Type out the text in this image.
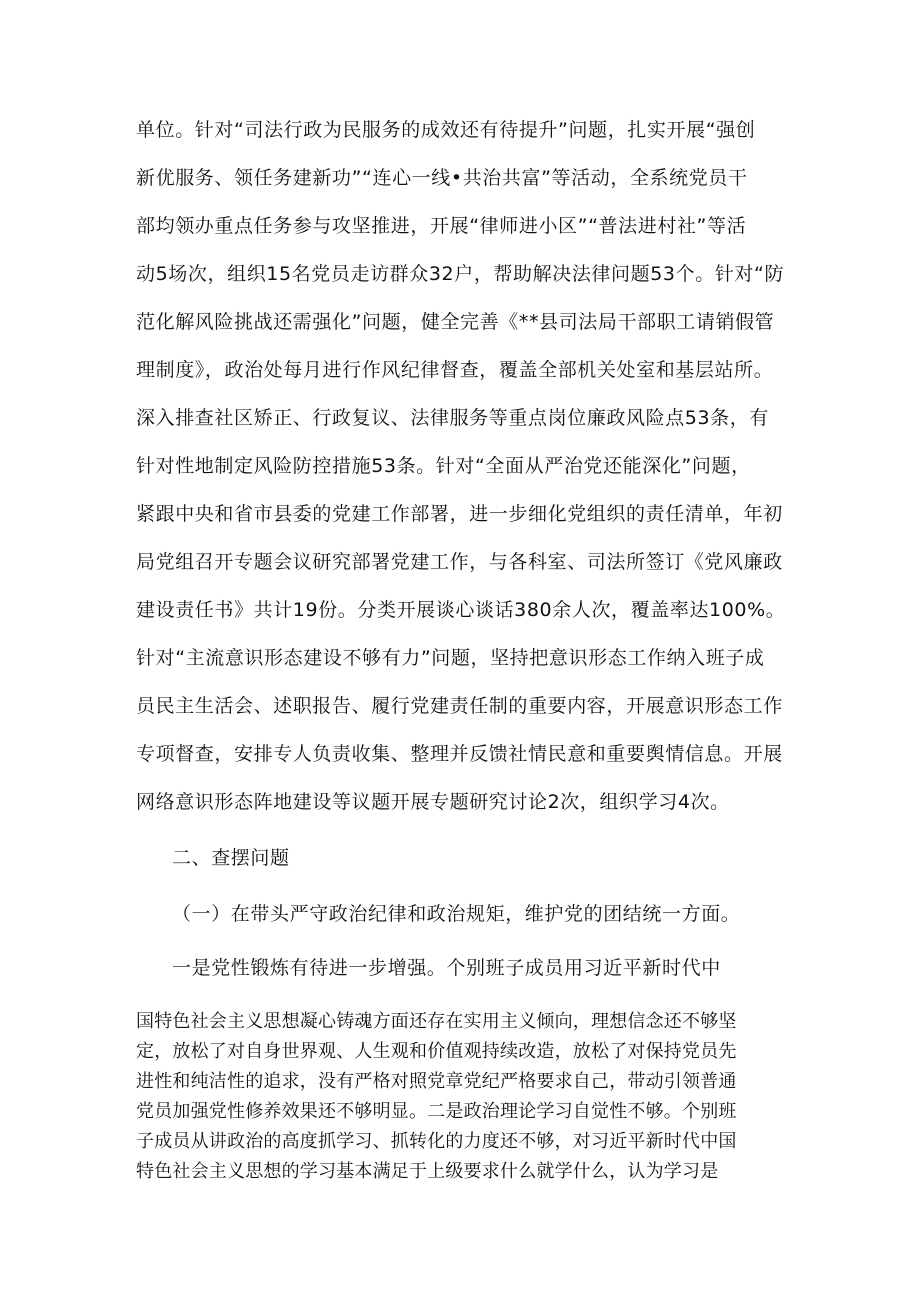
单位。针对“司法行政为民服务的成效还有待提升”问题，扎实开展“强创
新优服务、领任务建新功”“连心一线•共治共富”等活动，全系统党员干
部均领办重点任务参与攻坚推进，开展“律师进小区”“普法进村社”等活
动5场次，组织15名党员走访群众32户，帮助解决法律问题53个。针对“防
范化解风险挑战还需强化”问题，健全完善《**县司法局干部职工请销假管
理制度》，政治处每月进行作风纪律督查，覆盖全部机关处室和基层站所。
深入排查社区矫正、行政复议、法律服务等重点岗位廉政风险点53条，有
针对性地制定风险防控措施53条。针对“全面从严治党还能深化”问题，
紧跟中央和省市县委的党建工作部署，进一步细化党组织的责任清单，年初
局党组召开专题会议研究部署党建工作，与各科室、司法所签订《党风廉政
建设责任书》共计19份。分类开展谈心谈话380余人次，覆盖率达100%。
针对“主流意识形态建设不够有力”问题，坚持把意识形态工作纳入班子成
员民主生活会、述职报告、履行党建责任制的重要内容，开展意识形态工作
专项督查，安排专人负责收集、整理并反馈社情民意和重要舆情信息。开展
网络意识形态阵地建设等议题开展专题研究讨论2次，组织学习4次。
二、查摆问题
（一）在带头严守政治纪律和政治规矩，维护党的团结统一方面。
一是党性锻炼有待进一步增强。个别班子成员用习近平新时代中
国特色社会主义思想凝心铸魂方面还存在实用主义倾向，理想信念还不够坚
定，放松了对自身世界观、人生观和价值观持续改造，放松了对保持党员先
进性和纯洁性的追求，没有严格对照党章党纪严格要求自己，带动引领普通
党员加强党性修养效果还不够明显。二是政治理论学习自觉性不够。个别班
子成员从讲政治的高度抓学习、抓转化的力度还不够，对习近平新时代中国
特色社会主义思想的学习基本满足于上级要求什么就学什么，认为学习是
